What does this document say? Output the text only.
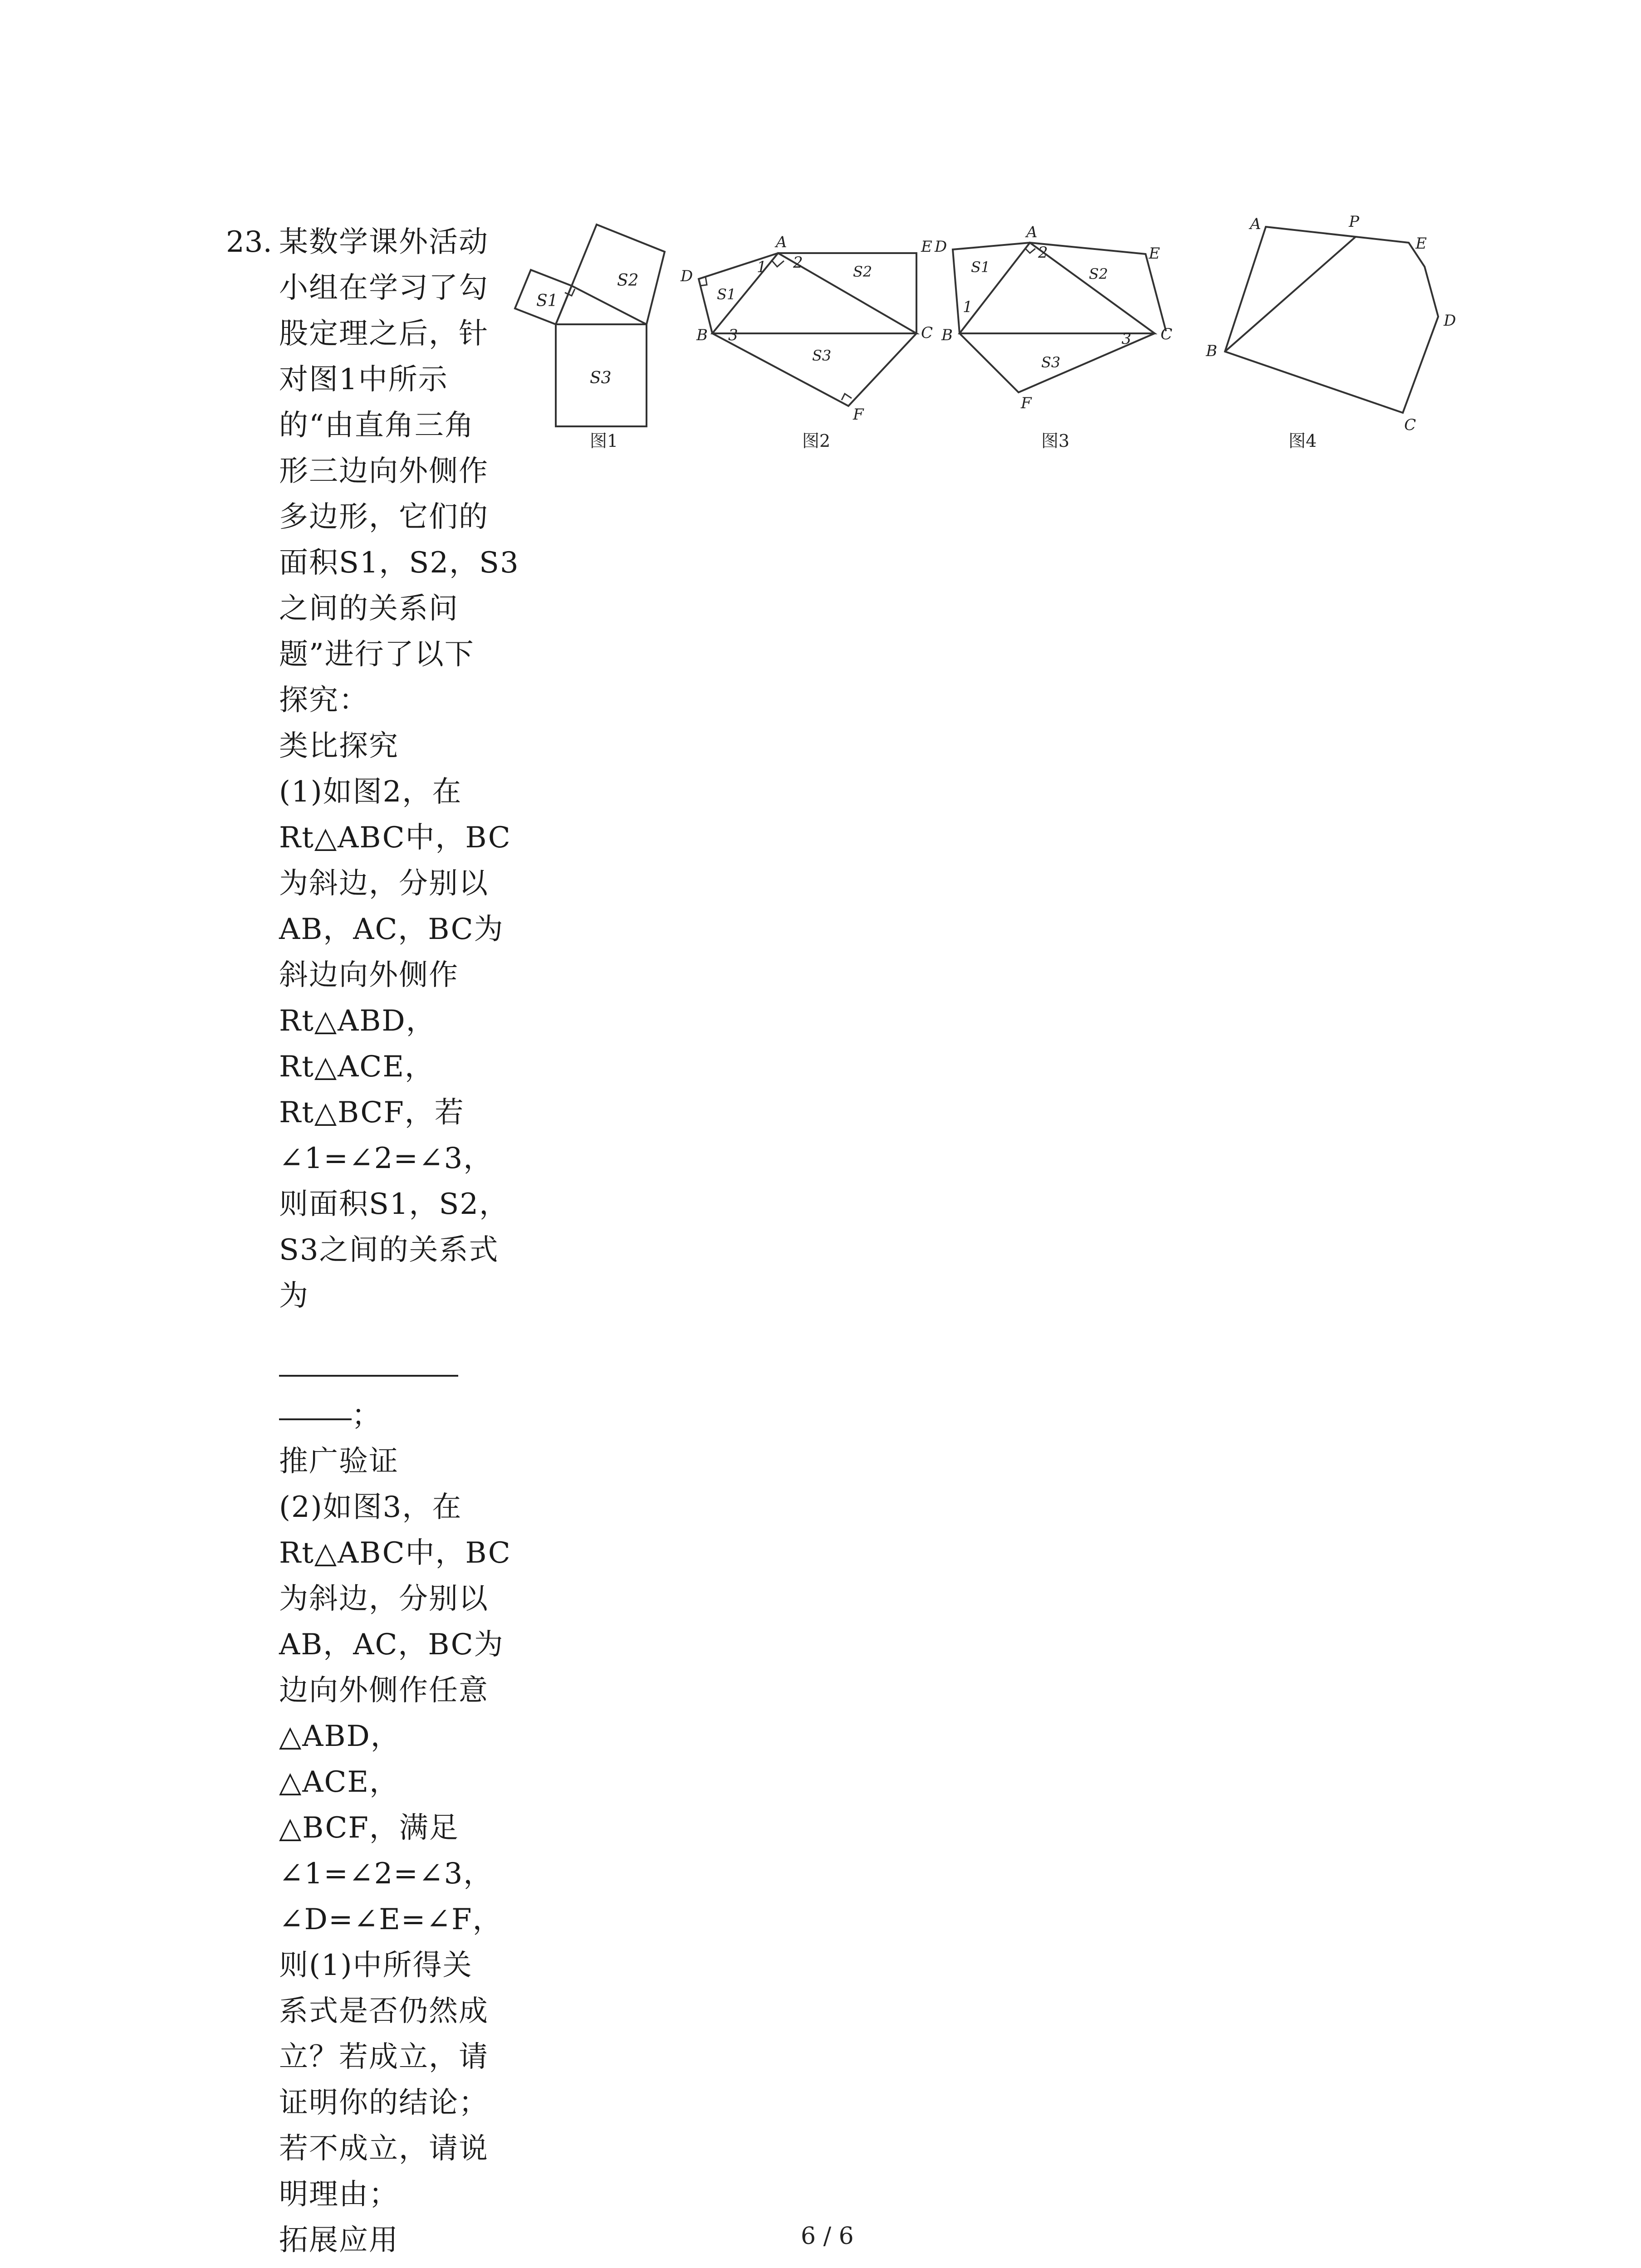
23. 某数学课外活动
小组在学习了勾
股定理之后，针
对图1中所示
的“由直角三角
形三边向外侧作
多边形，它们的
面积S1，S2，S3
之间的关系问
题”进行了以下
探究：
类比探究
(1)如图2，在
Rt△ABC中，BC
为斜边，分别以
AB，AC，BC为
斜边向外侧作
Rt△ABD，
Rt△ACE，
Rt△BCF，若
∠1=∠2=∠3，
则面积S1，S2，
S3之间的关系式
为
；
推广验证
(2)如图3，在
Rt△ABC中，BC
为斜边，分别以
AB，AC，BC为
边向外侧作任意
△ABD，
△ACE，
△BCF，满足
∠1=∠2=∠3，
∠D=∠E=∠F，
则(1)中所得关
系式是否仍然成
立？若成立，请
证明你的结论；
若不成立，请说
明理由；
拓展应用
S1
S2
S3
图1
A
D
E
B	C
F
1 2
3
S1
S2
S3
图2
A
D	E
B	C
F
1
2
3
S1	S2
S3
图3
A	P
E
D
B
C
图4
6 / 6
